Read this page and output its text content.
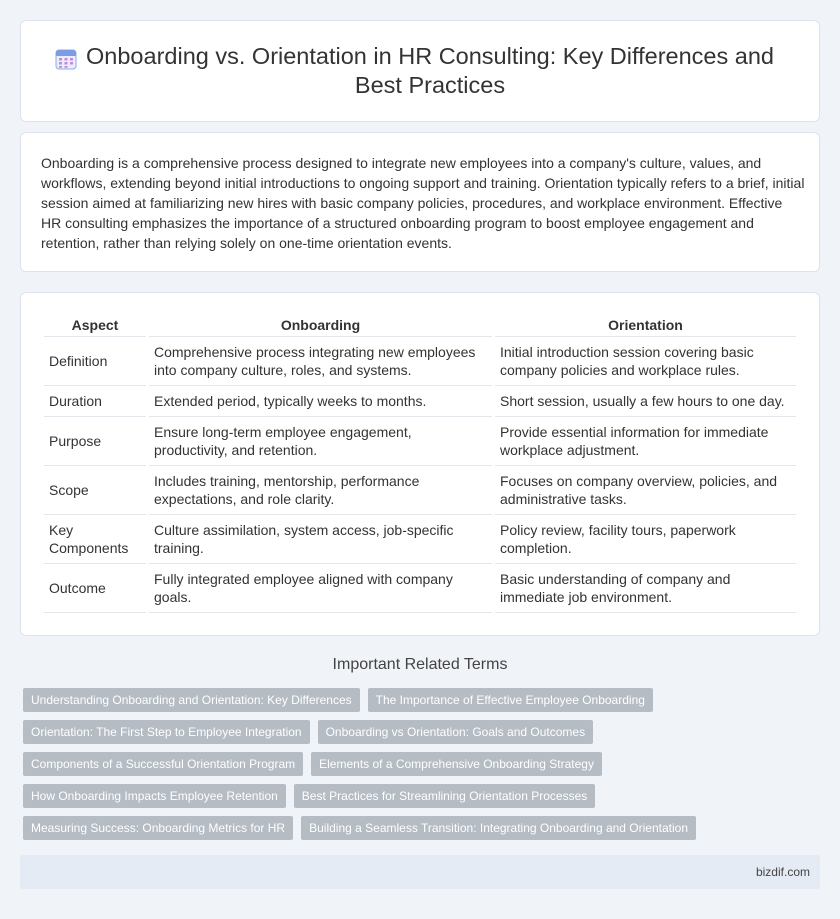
Onboarding vs. Orientation in HR Consulting: Key Differences and Best Practices

Onboarding is a comprehensive process designed to integrate new employees into a company's culture, values, and workflows, extending beyond initial introductions to ongoing support and training. Orientation typically refers to a brief, initial session aimed at familiarizing new hires with basic company policies, procedures, and workplace environment. Effective HR consulting emphasizes the importance of a structured onboarding program to boost employee engagement and retention, rather than relying solely on one-time orientation events.

Aspect	Onboarding	Orientation
Definition	Comprehensive process integrating new employees into company culture, roles, and systems.	Initial introduction session covering basic company policies and workplace rules.
Duration	Extended period, typically weeks to months.	Short session, usually a few hours to one day.
Purpose	Ensure long-term employee engagement, productivity, and retention.	Provide essential information for immediate workplace adjustment.
Scope	Includes training, mentorship, performance expectations, and role clarity.	Focuses on company overview, policies, and administrative tasks.
Key Components	Culture assimilation, system access, job-specific training.	Policy review, facility tours, paperwork completion.
Outcome	Fully integrated employee aligned with company goals.	Basic understanding of company and immediate job environment.
Important Related Terms
Understanding Onboarding and Orientation: Key Differences	The Importance of Effective Employee Onboarding
Orientation: The First Step to Employee Integration	Onboarding vs Orientation: Goals and Outcomes
Components of a Successful Orientation Program	Elements of a Comprehensive Onboarding Strategy
How Onboarding Impacts Employee Retention	Best Practices for Streamlining Orientation Processes
Measuring Success: Onboarding Metrics for HR	Building a Seamless Transition: Integrating Onboarding and Orientation
bizdif.com
